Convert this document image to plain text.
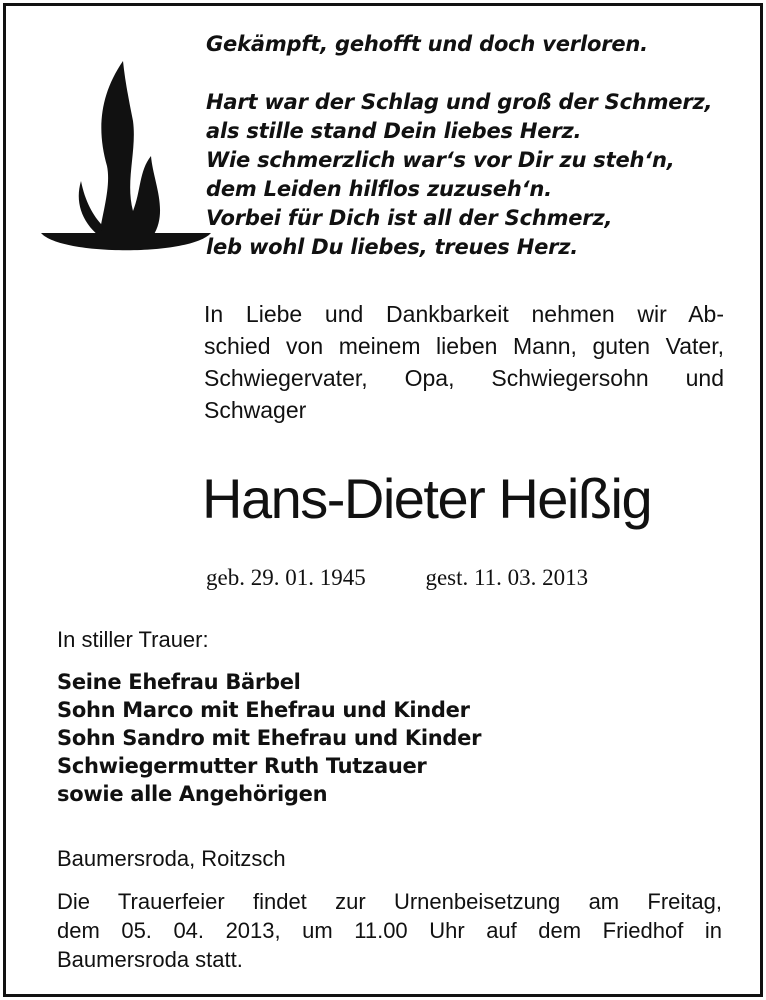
Gekämpft, gehofft und doch verloren.
Hart war der Schlag und groß der Schmerz,
als stille stand Dein liebes Herz.
Wie schmerzlich war‘s vor Dir zu steh‘n,
dem Leiden hilflos zuzuseh‘n.
Vorbei für Dich ist all der Schmerz,
leb wohl Du liebes, treues Herz.
In Liebe und Dankbarkeit nehmen wir Ab-
schied von meinem lieben Mann, guten Vater,
Schwiegervater, Opa, Schwiegersohn und
Schwager
Hans-Dieter Heißig
geb. 29. 01. 1945	gest. 11. 03. 2013
In stiller Trauer:
Seine Ehefrau Bärbel
Sohn Marco mit Ehefrau und Kinder
Sohn Sandro mit Ehefrau und Kinder
Schwiegermutter Ruth Tutzauer
sowie alle Angehörigen
Baumersroda, Roitzsch
Die Trauerfeier findet zur Urnenbeisetzung am Freitag,
dem 05. 04. 2013, um 11.00 Uhr auf dem Friedhof in
Baumersroda statt.
